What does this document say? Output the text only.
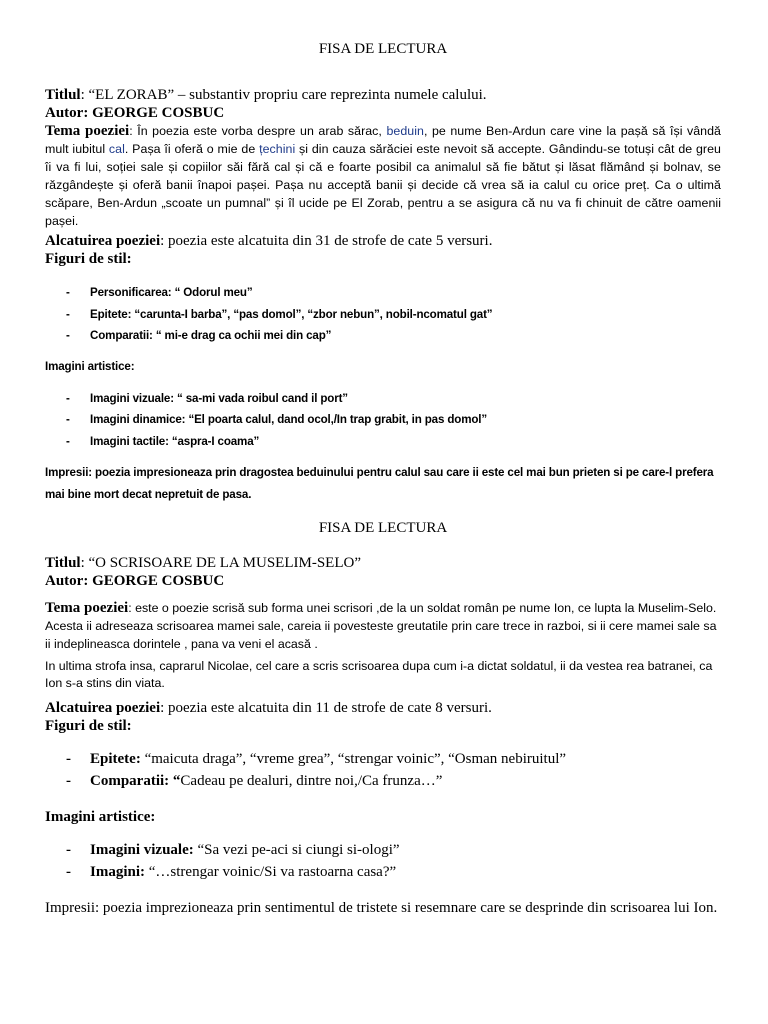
FISA DE LECTURA

Titlul: “EL ZORAB” – substantiv propriu care reprezinta numele calului.

Autor: GEORGE COSBUC

Tema poeziei: În poezia este vorba despre un arab sărac, beduin, pe nume Ben-Ardun care vine la pașă să își vândă mult iubitul cal. Pașa îi oferă o mie de țechini și din cauza sărăciei este nevoit să accepte. Gândindu-se totuși cât de greu îi va fi lui, soției sale și copiilor săi fără cal și că e foarte posibil ca animalul să fie bătut și lăsat flămând și bolnav, se răzgândește și oferă banii înapoi pașei. Pașa nu acceptă banii și decide că vrea să ia calul cu orice preț. Ca o ultimă scăpare, Ben-Ardun „scoate un pumnal” și îl ucide pe El Zorab, pentru a se asigura că nu va fi chinuit de către oamenii pașei.

Alcatuirea poeziei: poezia este alcatuita din 31 de strofe de cate 5 versuri.

Figuri de stil:

- Personificarea: “ Odorul meu”
- Epitete: “carunta-I barba”, “pas domol”, “zbor nebun”, nobil-ncomatul gat”
- Comparatii: “ mi-e drag ca ochii mei din cap”

Imagini artistice:

- Imagini vizuale: “ sa-mi vada roibul cand il port”
- Imagini dinamice: “El poarta calul, dand ocol,/In trap grabit, in pas domol”
- Imagini tactile: “aspra-I coama”

Impresii: poezia impresioneaza prin dragostea beduinului pentru calul sau care ii este cel mai bun prieten si pe care-l prefera mai bine mort decat nepretuit de pasa.

FISA DE LECTURA

Titlul: “O SCRISOARE DE LA MUSELIM-SELO”

Autor: GEORGE COSBUC

Tema poeziei: este o poezie scrisă sub forma unei scrisori ,de la un soldat român pe nume Ion, ce lupta la Muselim-Selo. Acesta ii adreseaza scrisoarea mamei sale, careia ii povesteste greutatile prin care trece in razboi, si ii cere mamei sale sa ii indeplineasca dorintele , pana va veni el acasă .

In ultima strofa insa, caprarul Nicolae, cel care a scris scrisoarea dupa cum i-a dictat soldatul, ii da vestea rea batranei, ca Ion s-a stins din viata.

Alcatuirea poeziei: poezia este alcatuita din 11 de strofe de cate 8 versuri.

Figuri de stil:

- Epitete: “maicuta draga”, “vreme grea”, “strengar voinic”, “Osman nebiruitul”
- Comparatii: “Cadeau pe dealuri, dintre noi,/Ca frunza…”

Imagini artistice:

- Imagini vizuale: “Sa vezi pe-aci si ciungi si-ologi”
- Imagini: “…strengar voinic/Si va rastoarna casa?”

Impresii: poezia imprezioneaza prin sentimentul de tristete si resemnare care se desprinde din scrisoarea lui Ion.
